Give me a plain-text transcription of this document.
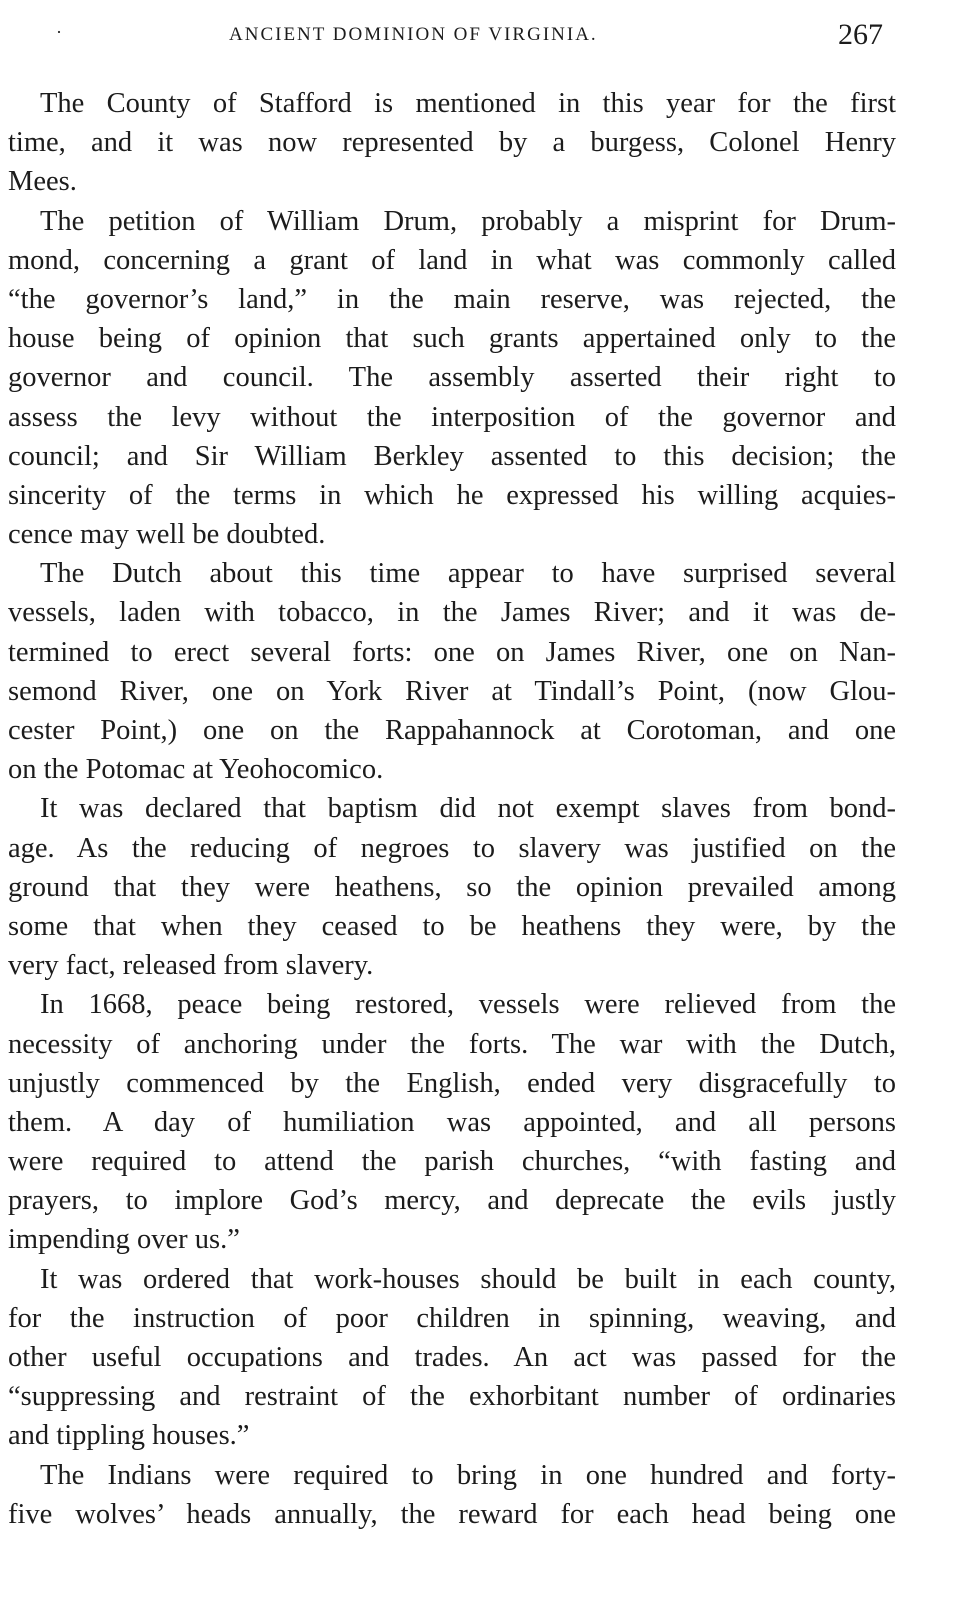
·	ANCIENT DOMINION OF VIRGINIA.	267
The County of Stafford is mentioned in this year for the first
time, and it was now represented by a burgess, Colonel Henry
Mees.
The petition of William Drum, probably a misprint for Drum-
mond, concerning a grant of land in what was commonly called
“the governor’s land,” in the main reserve, was rejected, the
house being of opinion that such grants appertained only to the
governor and council. The assembly asserted their right to
assess the levy without the interposition of the governor and
council; and Sir William Berkley assented to this decision; the
sincerity of the terms in which he expressed his willing acquies-
cence may well be doubted.
The Dutch about this time appear to have surprised several
vessels, laden with tobacco, in the James River; and it was de-
termined to erect several forts: one on James River, one on Nan-
semond River, one on York River at Tindall’s Point, (now Glou-
cester Point,) one on the Rappahannock at Corotoman, and one
on the Potomac at Yeohocomico.
It was declared that baptism did not exempt slaves from bond-
age. As the reducing of negroes to slavery was justified on the
ground that they were heathens, so the opinion prevailed among
some that when they ceased to be heathens they were, by the
very fact, released from slavery.
In 1668, peace being restored, vessels were relieved from the
necessity of anchoring under the forts. The war with the Dutch,
unjustly commenced by the English, ended very disgracefully to
them. A day of humiliation was appointed, and all persons
were required to attend the parish churches, “with fasting and
prayers, to implore God’s mercy, and deprecate the evils justly
impending over us.”
It was ordered that work-houses should be built in each county,
for the instruction of poor children in spinning, weaving, and
other useful occupations and trades. An act was passed for the
“suppressing and restraint of the exhorbitant number of ordinaries
and tippling houses.”
The Indians were required to bring in one hundred and forty-
five wolves’ heads annually, the reward for each head being one
